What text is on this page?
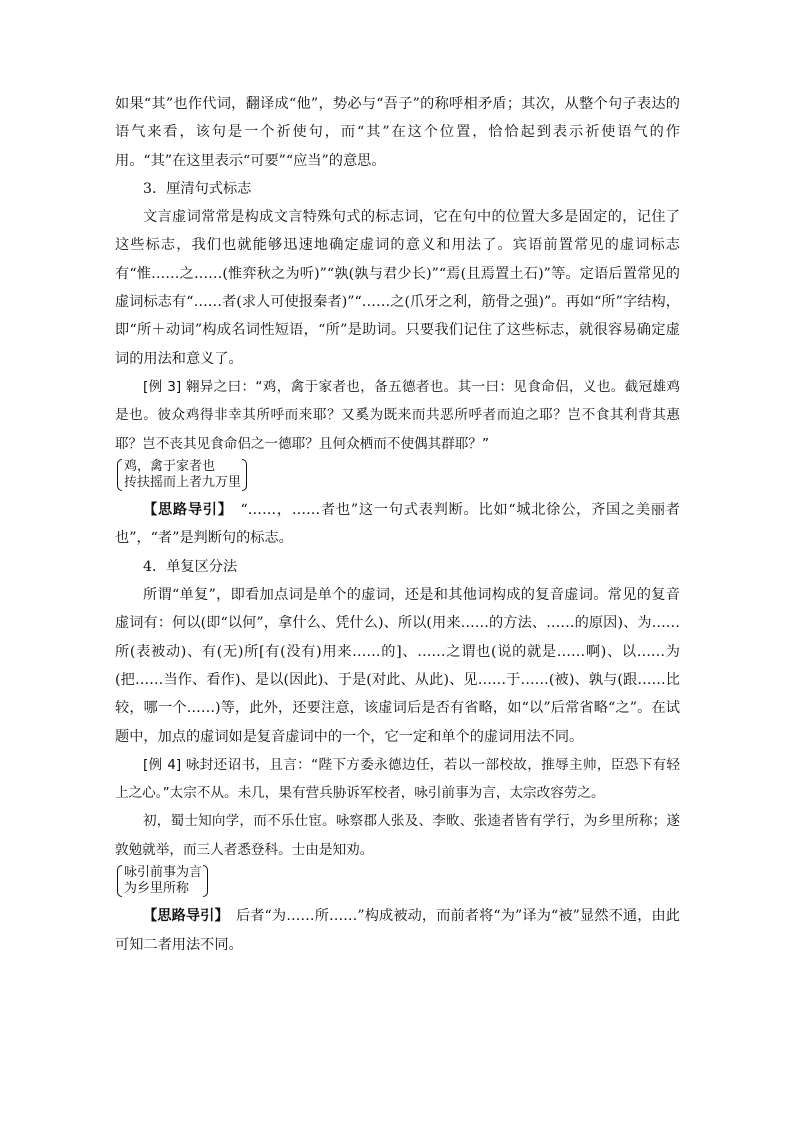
如果“其”也作代词，翻译成“他”，势必与“吾子”的称呼相矛盾；其次，从整个句子表达的语气来看，该句是一个祈使句，而“其”在这个位置，恰恰起到表示祈使语气的作用。“其”在这里表示“可要”“应当”的意思。

3．厘清句式标志

文言虚词常常是构成文言特殊句式的标志词，它在句中的位置大多是固定的，记住了这些标志，我们也就能够迅速地确定虚词的意义和用法了。宾语前置常见的虚词标志有“惟……之……(惟弈秋之为听)”“孰(孰与君少长)”“焉(且焉置土石)”等。定语后置常见的虚词标志有“……者(求人可使报秦者)”“……之(爪牙之利，筋骨之强)”。再如“所”字结构，即“所＋动词”构成名词性短语，“所”是助词。只要我们记住了这些标志，就很容易确定虚词的用法和意义了。

[例 3] 翱异之曰：“鸡，禽于家者也，备五德者也。其一曰：见食命侣，义也。截冠雄鸡是也。彼众鸡得非幸其所呼而来耶？又奚为既来而共恶所呼者而迫之耶？岂不食其利背其惠耶？岂不丧其见食命侣之一德耶？且何众栖而不使偶其群耶？”

鸡，禽于家者也
抟扶摇而上者九万里

【思路导引】　 “……，……者也”这一句式表判断。比如“城北徐公，齐国之美丽者也”，“者”是判断句的标志。

4．单复区分法

所谓“单复”，即看加点词是单个的虚词，还是和其他词构成的复音虚词。常见的复音虚词有：何以(即“以何”，拿什么、凭什么)、所以(用来……的方法、……的原因)、为……所(表被动)、有(无)所[有(没有)用来……的]、……之谓也(说的就是……啊)、以……为(把……当作、看作)、是以(因此)、于是(对此、从此)、见……于……(被)、孰与(跟……比较，哪一个……)等，此外，还要注意，该虚词后是否有省略，如“以”后常省略“之”。在试题中，加点的虚词如是复音虚词中的一个，它一定和单个的虚词用法不同。

[例 4] 咏封还诏书，且言：“陛下方委永德边任，若以一部校故，推辱主帅，臣恐下有轻上之心。”太宗不从。未几，果有营兵胁诉军校者，咏引前事为言，太宗改容劳之。

初，蜀士知向学，而不乐仕宦。咏察郡人张及、李畋、张逵者皆有学行，为乡里所称；遂敦勉就举，而三人者悉登科。士由是知劝。

咏引前事为言
为乡里所称

【思路导引】　 后者“为……所……”构成被动，而前者将“为”译为“被”显然不通，由此可知二者用法不同。
